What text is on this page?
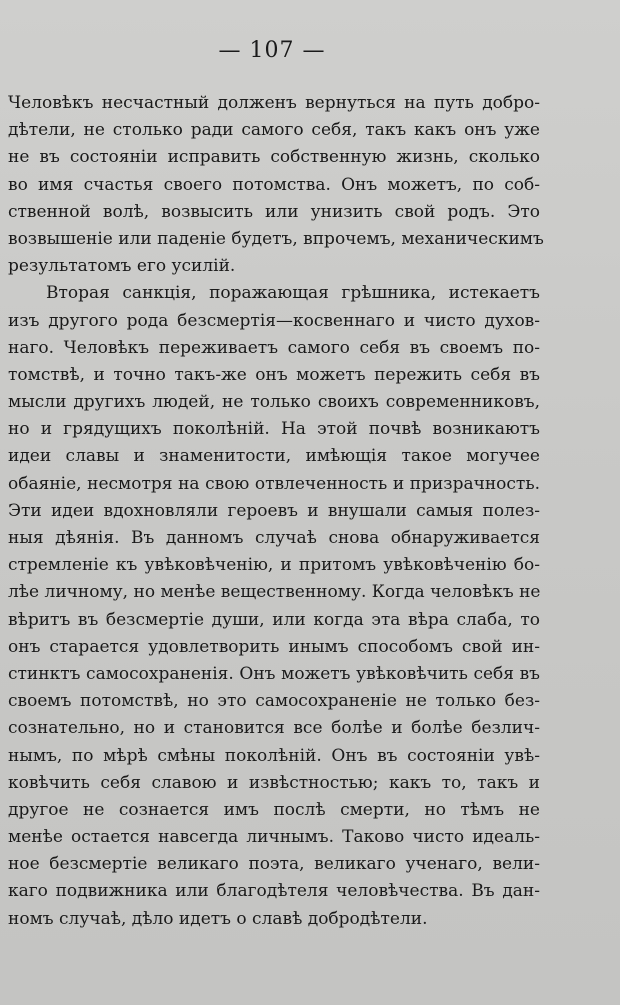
— 107 —
Человѣкъ несчастный долженъ вернуться на путь добро-
дѣтели, не столько ради самого себя, такъ какъ онъ уже
не въ состояніи исправить собственную жизнь, сколько
во имя счастья своего потомства. Онъ можетъ, по соб-
ственной волѣ, возвысить или унизить свой родъ. Это
возвышеніе или паденіе будетъ, впрочемъ, механическимъ
результатомъ его усилій.
Вторая санкція, поражающая грѣшника, истекаетъ
изъ другого рода безсмертія—косвеннаго и чисто духов-
наго. Человѣкъ переживаетъ самого себя въ своемъ по-
томствѣ, и точно такъ-же онъ можетъ пережить себя въ
мысли другихъ людей, не только своихъ современниковъ,
но и грядущихъ поколѣній. На этой почвѣ возникаютъ
идеи славы и знаменитости, имѣющія такое могучее
обаяніе, несмотря на свою отвлеченность и призрачность.
Эти идеи вдохновляли героевъ и внушали самыя полез-
ныя дѣянія. Въ данномъ случаѣ снова обнаруживается
стремленіе къ увѣковѣченію, и притомъ увѣковѣченію бо-
лѣе личному, но менѣе вещественному. Когда человѣкъ не
вѣритъ въ безсмертіе души, или когда эта вѣра слаба, то
онъ старается удовлетворить инымъ способомъ свой ин-
стинктъ самосохраненія. Онъ можетъ увѣковѣчить себя въ
своемъ потомствѣ, но это самосохраненіе не только без-
сознательно, но и становится все болѣе и болѣе безлич-
нымъ, по мѣрѣ смѣны поколѣній. Онъ въ состояніи увѣ-
ковѣчить себя славою и извѣстностью; какъ то, такъ и
другое не сознается имъ послѣ смерти, но тѣмъ не
менѣе остается навсегда личнымъ. Таково чисто идеаль-
ное безсмертіе великаго поэта, великаго ученаго, вели-
каго подвижника или благодѣтеля человѣчества. Въ дан-
номъ случаѣ, дѣло идетъ о славѣ добродѣтели.
